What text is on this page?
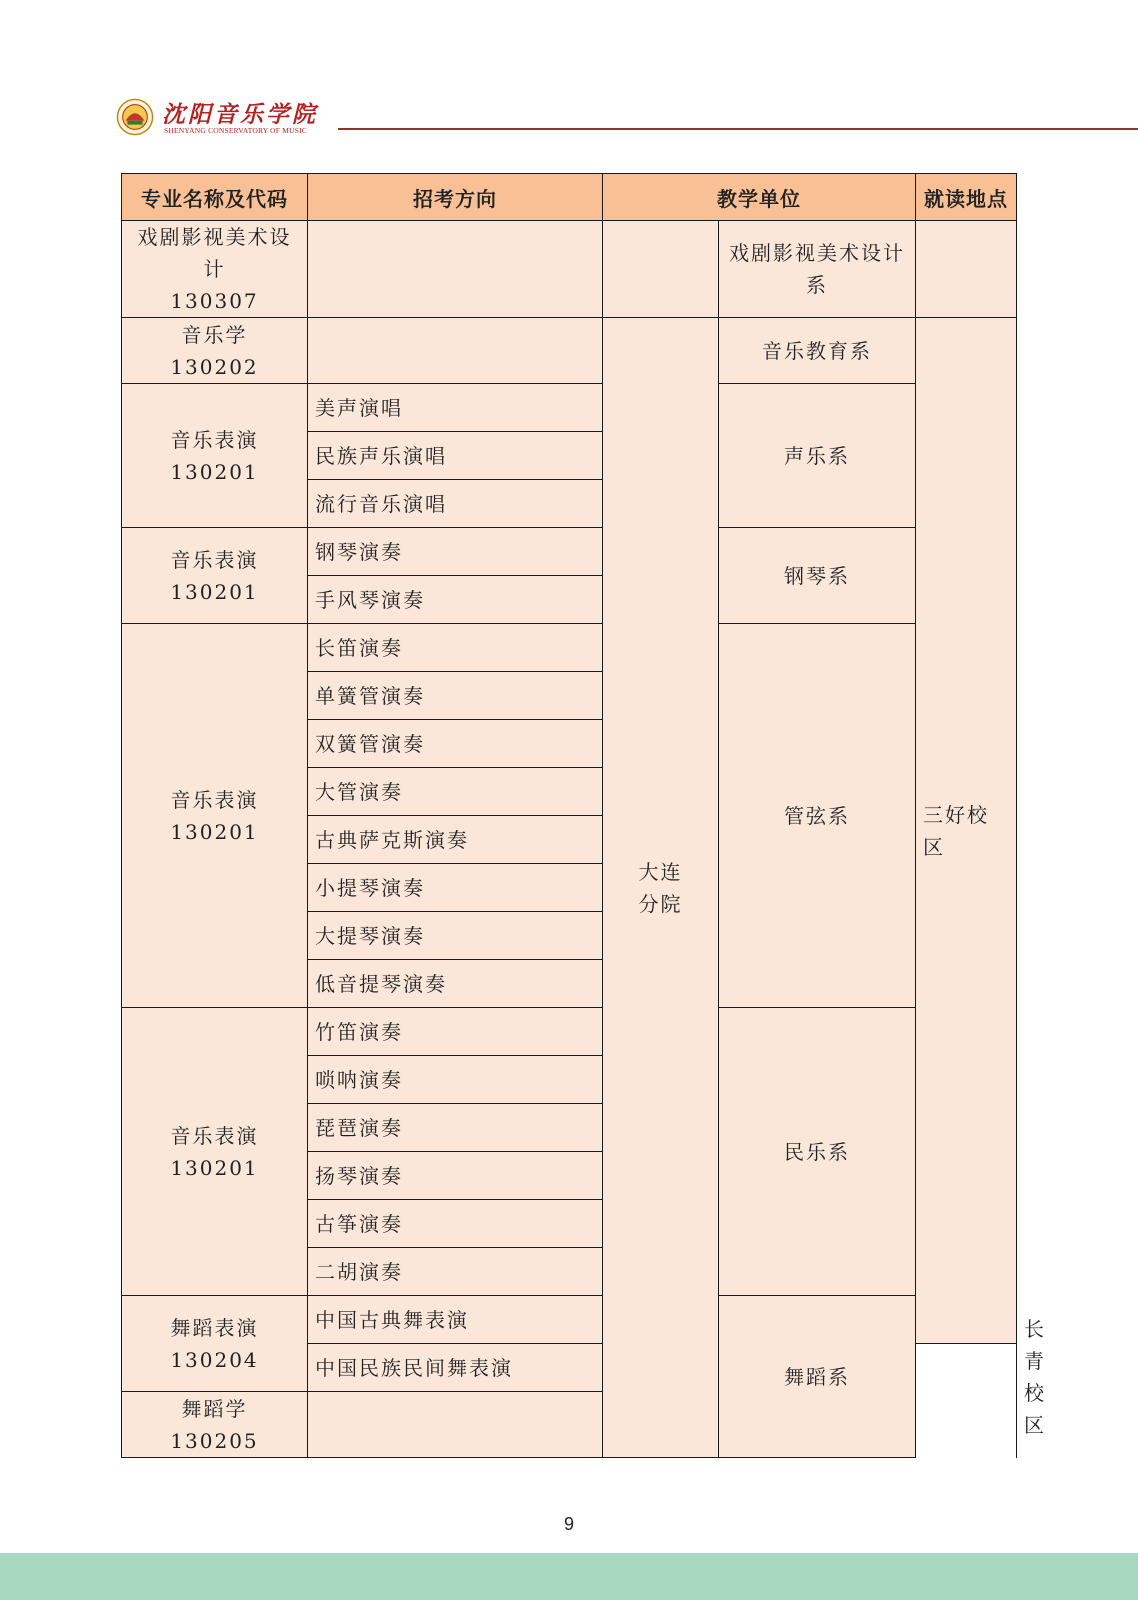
沈阳音乐学院
SHENYANG CONSERVATORY OF MUSIC
专业名称及代码	招考方向	教学单位		就读地点	

戏剧影视美术设计
130307			戏剧影视美术设计系		

音乐学
130202		大连分院	音乐教育系	三好校区	

音乐表演
130201	美声演唱		声乐系		
	民族声乐演唱				
	流行音乐演唱				

音乐表演
130201	钢琴演奏		钢琴系		
	手风琴演奏				

音乐表演
130201	长笛演奏		管弦系		
	单簧管演奏				
	双簧管演奏				
	大管演奏				
	古典萨克斯演奏				
	小提琴演奏				
	大提琴演奏				
	低音提琴演奏				

音乐表演
130201	竹笛演奏		民乐系		
	唢呐演奏				
	琵琶演奏				
	扬琴演奏				
	古筝演奏				
	二胡演奏				

舞蹈表演
130204	中国古典舞表演		舞蹈系		长青校区
	中国民族民间舞表演				

舞蹈学
130205					

9
